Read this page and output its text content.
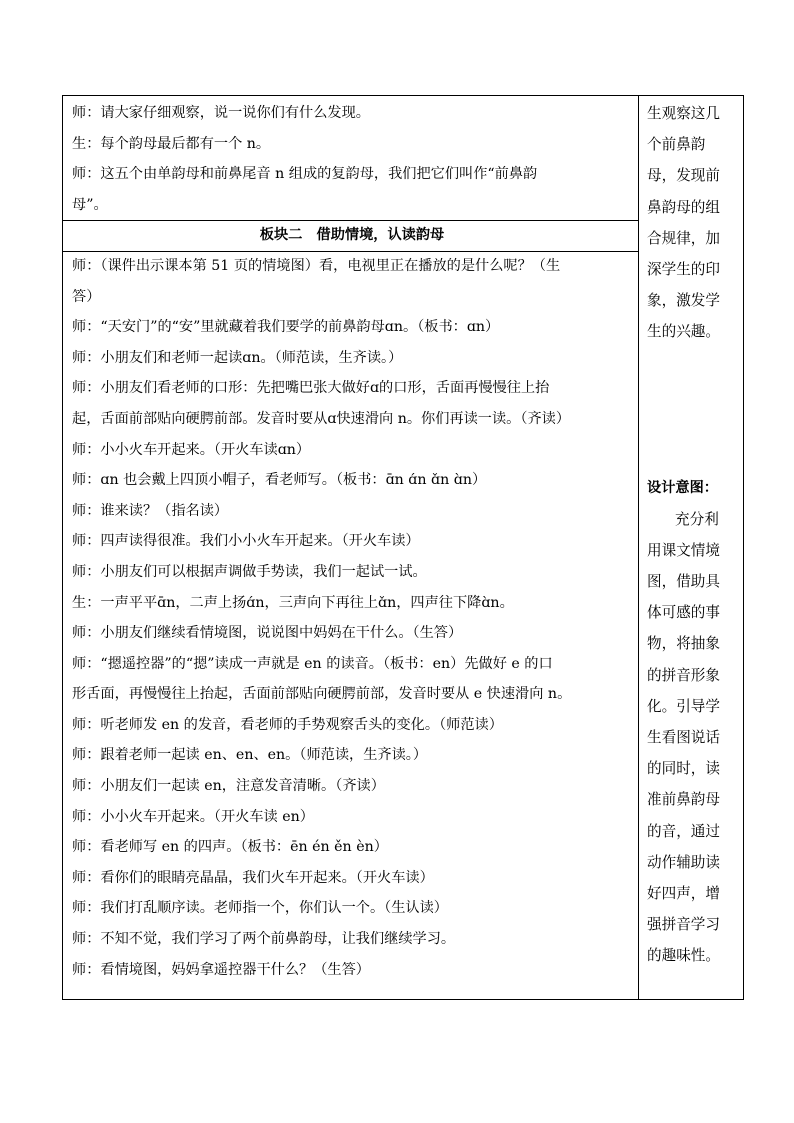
师：请大家仔细观察，说一说你们有什么发现。
生：每个韵母最后都有一个 n。
师：这五个由单韵母和前鼻尾音 n 组成的复韵母，我们把它们叫作“前鼻韵
母”。
板块二　借助情境，认读韵母
师：（课件出示课本第 51 页的情境图）看，电视里正在播放的是什么呢？（生
答）
师：“天安门”的“安”里就藏着我们要学的前鼻韵母ɑn。（板书：ɑn）
师：小朋友们和老师一起读ɑn。（师范读，生齐读。）
师：小朋友们看老师的口形：先把嘴巴张大做好ɑ的口形，舌面再慢慢往上抬
起，舌面前部贴向硬腭前部。发音时要从ɑ快速滑向 n。你们再读一读。（齐读）
师：小小火车开起来。（开火车读ɑn）
师：ɑn 也会戴上四顶小帽子，看老师写。（板书：ɑ̄n ɑ́n ɑ̌n ɑ̀n）
师：谁来读？（指名读）
师：四声读得很准。我们小小火车开起来。（开火车读）
师：小朋友们可以根据声调做手势读，我们一起试一试。
生：一声平平ɑ̄n，二声上扬ɑ́n，三声向下再往上ɑ̌n，四声往下降ɑ̀n。
师：小朋友们继续看情境图，说说图中妈妈在干什么。（生答）
师：“摁遥控器”的“摁”读成一声就是 en 的读音。（板书：en）先做好 e 的口
形舌面，再慢慢往上抬起，舌面前部贴向硬腭前部，发音时要从 e 快速滑向 n。
师：听老师发 en 的发音，看老师的手势观察舌头的变化。（师范读）
师：跟着老师一起读 en、en、en。（师范读，生齐读。）
师：小朋友们一起读 en，注意发音清晰。（齐读）
师：小小火车开起来。（开火车读 en）
师：看老师写 en 的四声。（板书：ēn én ěn èn）
师：看你们的眼睛亮晶晶，我们火车开起来。（开火车读）
师：我们打乱顺序读。老师指一个，你们认一个。（生认读）
师：不知不觉，我们学习了两个前鼻韵母，让我们继续学习。
师：看情境图，妈妈拿遥控器干什么？（生答）
生观察这几
个前鼻韵
母，发现前
鼻韵母的组
合规律，加
深学生的印
象，激发学
生的兴趣。
设计意图：
充分利
用课文情境
图，借助具
体可感的事
物，将抽象
的拼音形象
化。引导学
生看图说话
的同时，读
准前鼻韵母
的音，通过
动作辅助读
好四声，增
强拼音学习
的趣味性。
